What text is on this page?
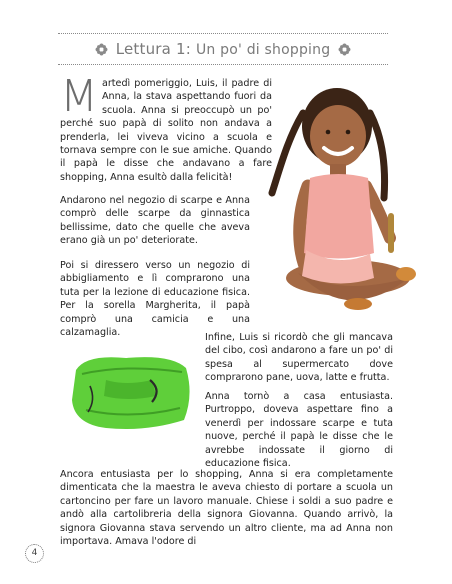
Lettura 1: Un po' di shopping

Martedì pomeriggio, Luis, il padre di Anna, la stava aspettando fuori da scuola. Anna si preoccupò un po' perché suo papà di solito non andava a prenderla, lei viveva vicino a scuola e tornava sempre con le sue amiche. Quando il papà le disse che andavano a fare shopping, Anna esultò dalla felicità!

Andarono nel negozio di scarpe e Anna comprò delle scarpe da ginnastica bellissime, dato che quelle che aveva erano già un po' deteriorate.

Poi si diressero verso un negozio di abbigliamento e lì comprarono una tuta per la lezione di educazione fisica. Per la sorella Margherita, il papà comprò una camicia e una calzamaglia.	Infine, Luis si ricordò che gli mancava del cibo, così andarono a fare un po' di spesa al supermercato dove comprarono pane, uova, latte e frutta.

Anna tornò a casa entusiasta. Purtroppo, doveva aspettare fino a venerdì per indossare scarpe e tuta nuove, perché il papà le disse che le avrebbe indossate il giorno di educazione fisica.

Ancora entusiasta per lo shopping, Anna si era completamente dimenticata che la maestra le aveva chiesto di portare a scuola un cartoncino per fare un lavoro manuale. Chiese i soldi a suo padre e andò alla cartolibreria della signora Giovanna. Quando arrivò, la signora Giovanna stava servendo un altro cliente, ma ad Anna non importava. Amava l'odore di

4
